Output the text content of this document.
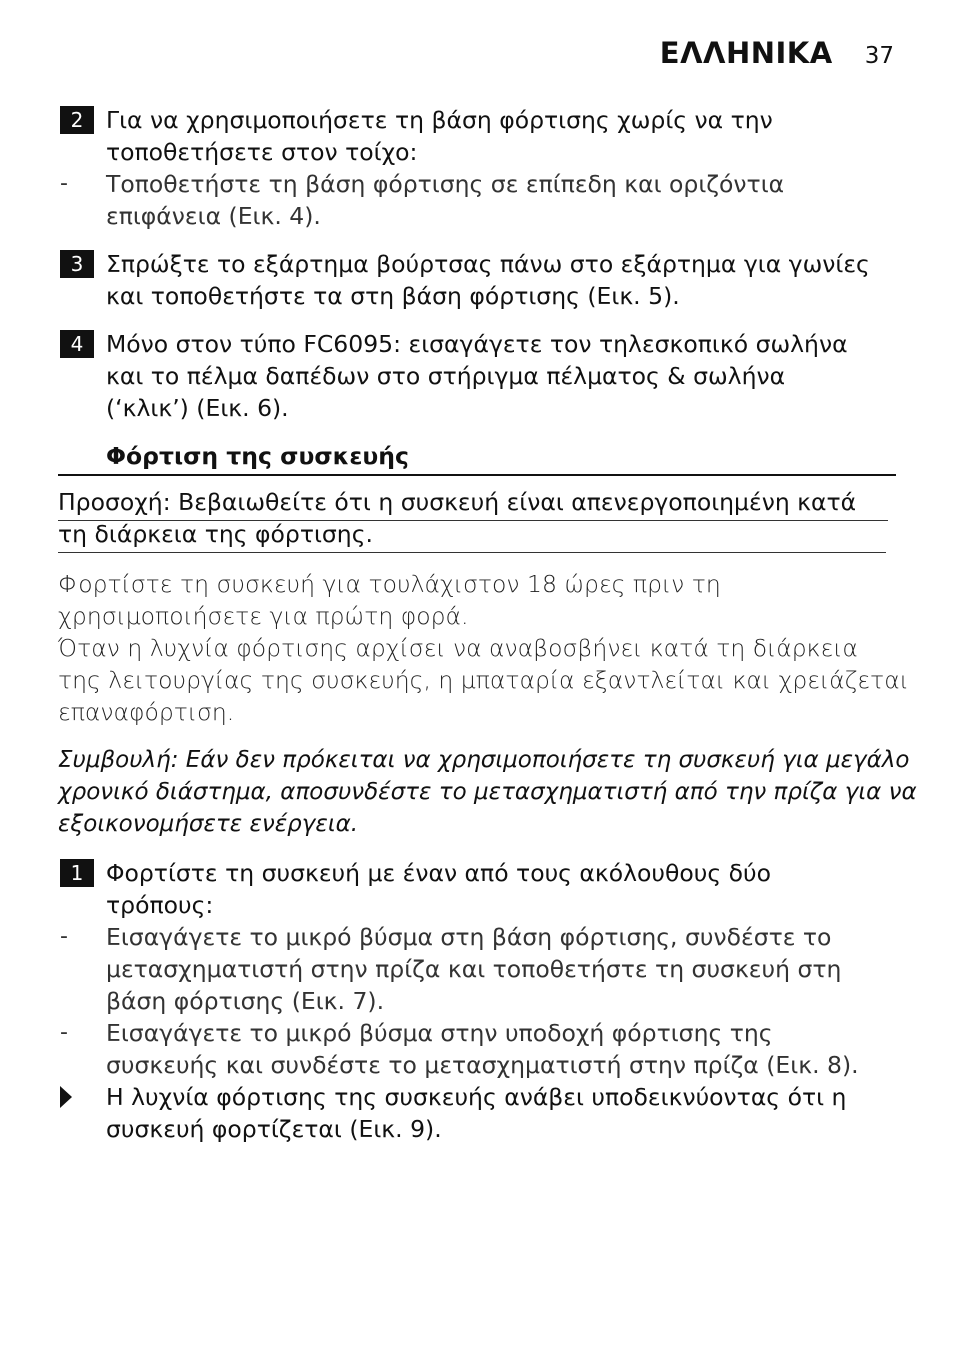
ΕΛΛΗΝΙΚΑ 37
2 Για να χρησιμοποιήσετε τη βάση φόρτισης χωρίς να την
τοποθετήσετε στον τοίχο:
- Τοποθετήστε τη βάση φόρτισης σε επίπεδη και οριζόντια
επιφάνεια (Εικ. 4).
3 Σπρώξτε το εξάρτημα βούρτσας πάνω στο εξάρτημα για γωνίες
και τοποθετήστε τα στη βάση φόρτισης (Εικ. 5).
4 Μόνο στον τύπο FC6095: εισαγάγετε τον τηλεσκοπικό σωλήνα
και το πέλμα δαπέδων στο στήριγμα πέλματος & σωλήνα
(‘κλικ’) (Εικ. 6).
Φόρτιση της συσκευής
Προσοχή: Βεβαιωθείτε ότι η συσκευή είναι απενεργοποιημένη κατά
τη διάρκεια της φόρτισης.
Φορτίστε τη συσκευή για τουλάχιστον 18 ώρες πριν τη
χρησιμοποιήσετε για πρώτη φορά.
Όταν η λυχνία φόρτισης αρχίσει να αναβοσβήνει κατά τη διάρκεια
της λειτουργίας της συσκευής, η μπαταρία εξαντλείται και χρειάζεται
επαναφόρτιση.
Συμβουλή: Εάν δεν πρόκειται να χρησιμοποιήσετε τη συσκευή για μεγάλο
χρονικό διάστημα, αποσυνδέστε το μετασχηματιστή από την πρίζα για να
εξοικονομήσετε ενέργεια.
1 Φορτίστε τη συσκευή με έναν από τους ακόλουθους δύο
τρόπους:
- Εισαγάγετε το μικρό βύσμα στη βάση φόρτισης, συνδέστε το
μετασχηματιστή στην πρίζα και τοποθετήστε τη συσκευή στη
βάση φόρτισης (Εικ. 7).
- Εισαγάγετε το μικρό βύσμα στην υποδοχή φόρτισης της
συσκευής και συνδέστε το μετασχηματιστή στην πρίζα (Εικ. 8).
Η λυχνία φόρτισης της συσκευής ανάβει υποδεικνύοντας ότι η
συσκευή φορτίζεται (Εικ. 9).
